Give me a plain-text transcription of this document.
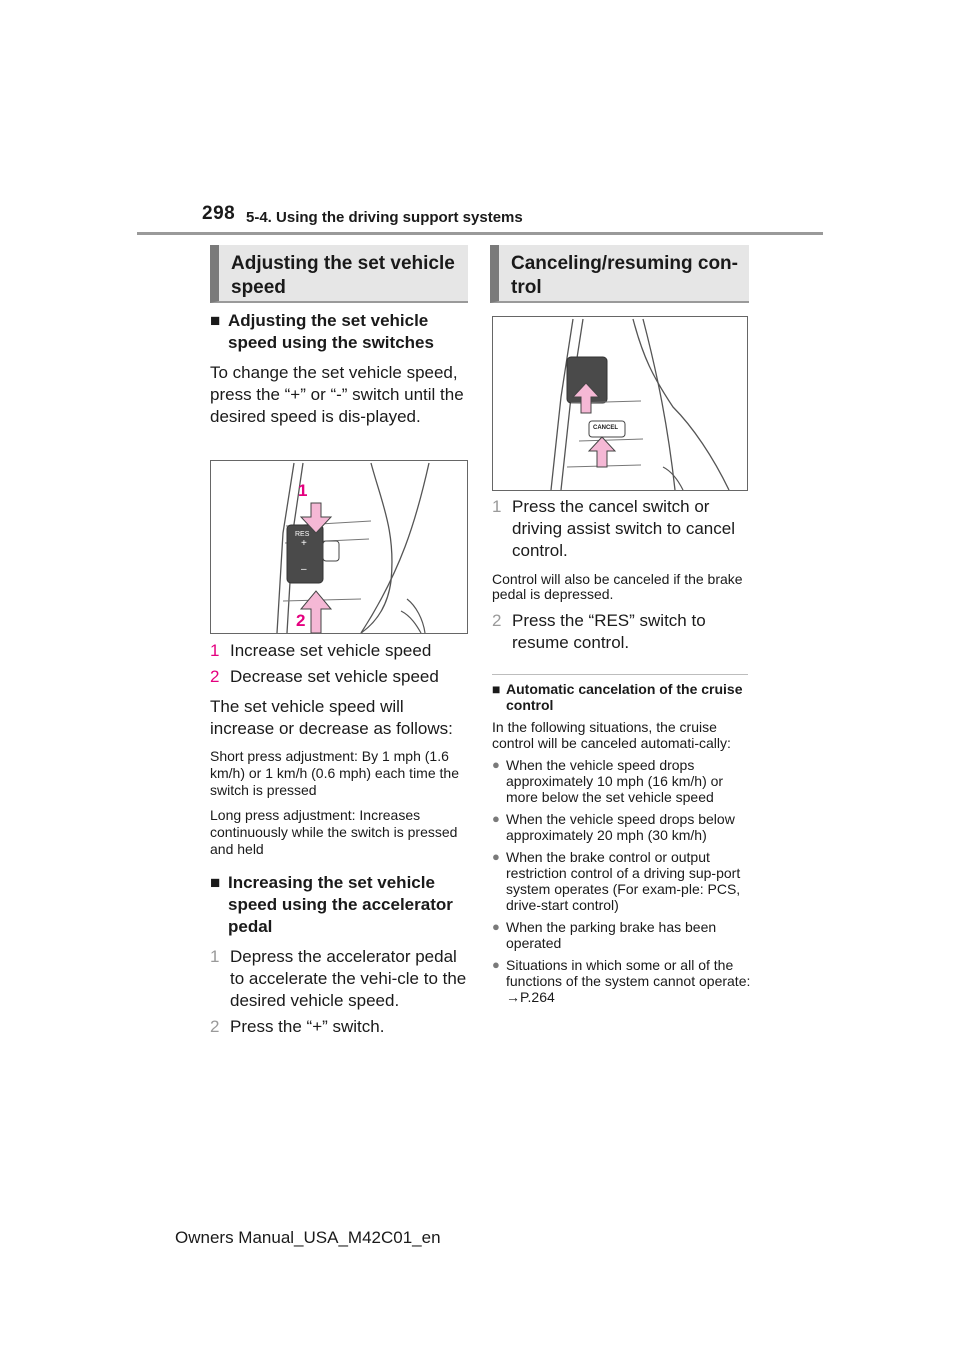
298 5-4. Using the driving support systems
Adjusting the set vehicle speed
■ Adjusting the set vehicle speed using the switches
To change the set vehicle speed, press the “+” or “-” switch until the desired speed is dis-played.
1
2
RES
+
–
1 Increase set vehicle speed
2 Decrease set vehicle speed
The set vehicle speed will increase or decrease as follows:
Short press adjustment: By 1 mph (1.6 km/h) or 1 km/h (0.6 mph) each time the switch is pressed
Long press adjustment: Increases continuously while the switch is pressed and held
■ Increasing the set vehicle speed using the accelerator pedal
1 Depress the accelerator pedal to accelerate the vehi-cle to the desired vehicle speed.
2 Press the “+” switch.
Canceling/resuming con-trol
CANCEL
1 Press the cancel switch or driving assist switch to cancel control.
Control will also be canceled if the brake pedal is depressed.
2 Press the “RES” switch to resume control.
■ Automatic cancelation of the cruise control
In the following situations, the cruise control will be canceled automati-cally:
● When the vehicle speed drops approximately 10 mph (16 km/h) or more below the set vehicle speed
● When the vehicle speed drops below approximately 20 mph (30 km/h)
● When the brake control or output restriction control of a driving sup-port system operates (For exam-ple: PCS, drive-start control)
● When the parking brake has been operated
● Situations in which some or all of the functions of the system cannot operate: →P.264
Owners Manual_USA_M42C01_en
